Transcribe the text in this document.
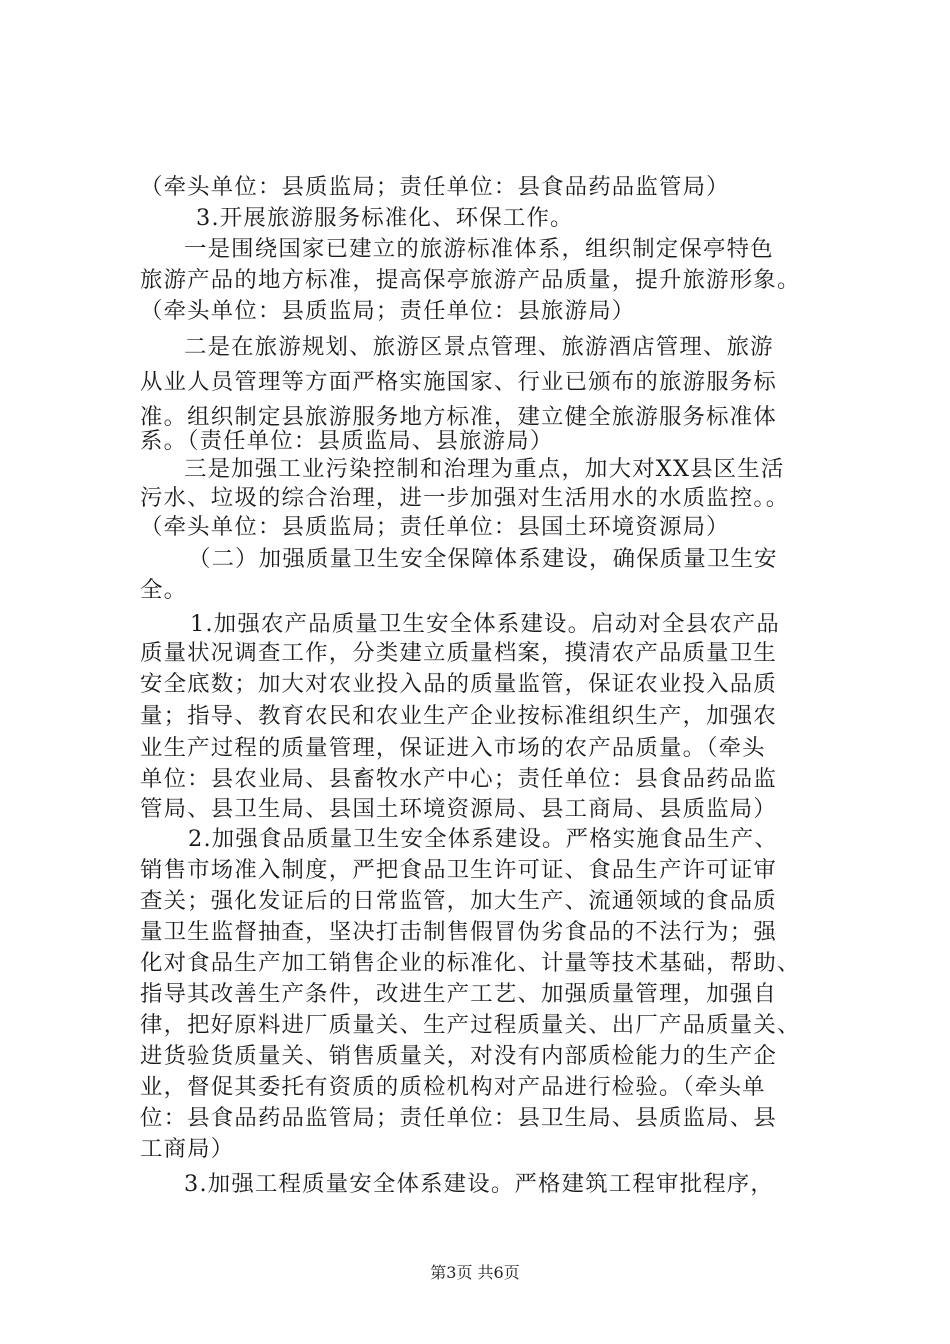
（牵头单位：县质监局；责任单位：县食品药品监管局）
3.开展旅游服务标准化、环保工作。
一是围绕国家已建立的旅游标准体系，组织制定保亭特色
旅游产品的地方标准，提高保亭旅游产品质量，提升旅游形象。
（牵头单位：县质监局；责任单位：县旅游局）
二是在旅游规划、旅游区景点管理、旅游酒店管理、旅游
从业人员管理等方面严格实施国家、行业已颁布的旅游服务标
准。组织制定县旅游服务地方标准，建立健全旅游服务标准体
系。（责任单位：县质监局、县旅游局）
三是加强工业污染控制和治理为重点，加大对XX县区生活
污水、垃圾的综合治理，进一步加强对生活用水的水质监控。。
（牵头单位：县质监局；责任单位：县国土环境资源局）
（二）加强质量卫生安全保障体系建设，确保质量卫生安
全。
1.加强农产品质量卫生安全体系建设。启动对全县农产品
质量状况调查工作，分类建立质量档案，摸清农产品质量卫生
安全底数；加大对农业投入品的质量监管，保证农业投入品质
量；指导、教育农民和农业生产企业按标准组织生产，加强农
业生产过程的质量管理，保证进入市场的农产品质量。（牵头
单位：县农业局、县畜牧水产中心；责任单位：县食品药品监
管局、县卫生局、县国土环境资源局、县工商局、县质监局）
2.加强食品质量卫生安全体系建设。严格实施食品生产、
销售市场准入制度，严把食品卫生许可证、食品生产许可证审
查关；强化发证后的日常监管，加大生产、流通领域的食品质
量卫生监督抽查，坚决打击制售假冒伪劣食品的不法行为；强
化对食品生产加工销售企业的标准化、计量等技术基础，帮助、
指导其改善生产条件，改进生产工艺、加强质量管理，加强自
律，把好原料进厂质量关、生产过程质量关、出厂产品质量关、
进货验货质量关、销售质量关，对没有内部质检能力的生产企
业，督促其委托有资质的质检机构对产品进行检验。（牵头单
位：县食品药品监管局；责任单位：县卫生局、县质监局、县
工商局）
3.加强工程质量安全体系建设。严格建筑工程审批程序，
第3页 共6页
